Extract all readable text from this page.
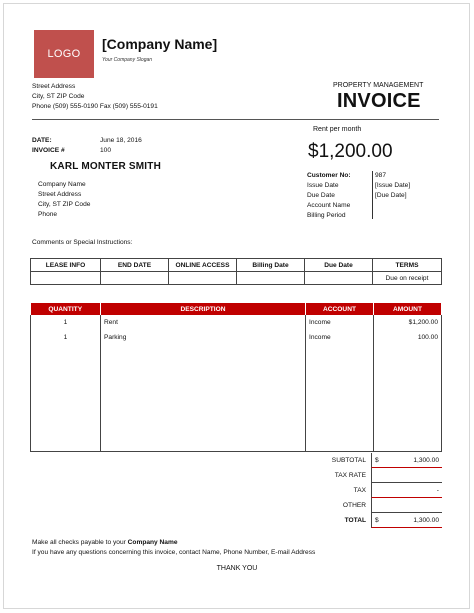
LOGO
[Company Name]
Your Company Slogan
Street Address
City, ST ZIP Code
Phone (509) 555-0190 Fax (509) 555-0191
PROPERTY MANAGEMENT
INVOICE
DATE:	June 18, 2016
INVOICE #	100
Rent per month
$1,200.00
KARL MONTER SMITH
Company Name
Street Address
City, ST ZIP Code
Phone
Customer No:	987
Issue Date	[Issue Date]
Due Date	[Due Date]
Account Name
Billing Period
Comments or Special Instructions:
LEASE INFO	END DATE	ONLINE ACCESS	Billing Date	Due Date	TERMS
					Due on receipt
QUANTITY	DESCRIPTION	ACCOUNT	AMOUNT
1	Rent	Income	$1,200.00
1	Parking	Income	100.00

SUBTOTAL	$	1,300.00
TAX RATE
TAX	-
OTHER
TOTAL	$	1,300.00
Make all checks payable to your Company Name
If you have any questions concerning this invoice, contact Name, Phone Number, E-mail Address
THANK YOU
